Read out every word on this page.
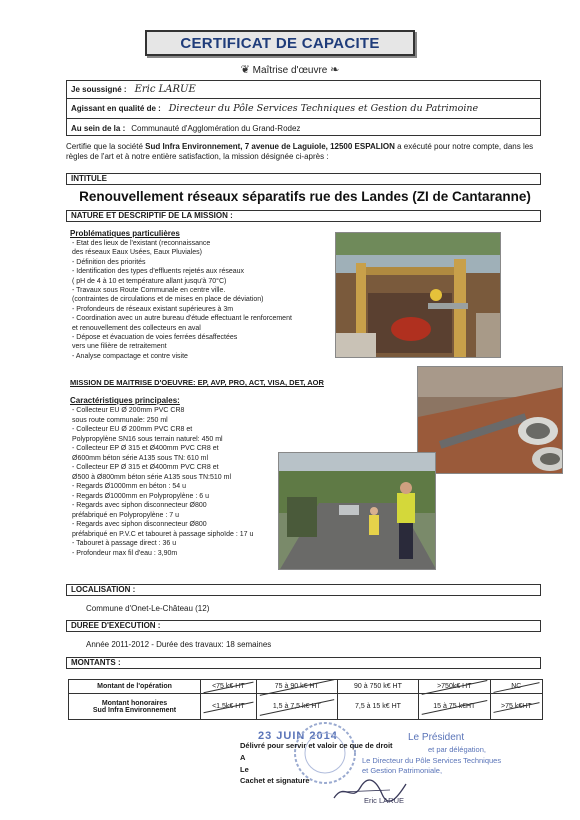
CERTIFICAT DE CAPACITE
❦ Maîtrise d'œuvre ❧
Je soussigné : Eric LARUE
Agissant en qualité de : Directeur du Pôle Services Techniques et Gestion du Patrimoine
Au sein de la : Communauté d'Agglomération du Grand-Rodez
Certifie que la société Sud Infra Environnement, 7 avenue de Laguiole, 12500 ESPALION a exécuté pour notre compte, dans les règles de l'art et à notre entière satisfaction, la mission désignée ci-après :
INTITULE
Renouvellement réseaux séparatifs rue des Landes (ZI de Cantaranne)
NATURE ET DESCRIPTIF DE LA MISSION :
Problématiques particulières
- Etat des lieux de l'existant (reconnaissance
des réseaux Eaux Usées, Eaux Pluviales)
- Définition des priorités
- Identification des types d'effluents rejetés aux réseaux
( pH de 4 à 10 et température allant jusqu'à 70°C)
- Travaux sous Route Communale en centre ville.
(contraintes de circulations et de mises en place de déviation)
- Profondeurs de réseaux existant supérieures à 3m
- Coordination avec un autre bureau d'étude effectuant le renforcement
et renouvellement des collecteurs en aval
- Dépose et évacuation de voies ferrées désaffectées
vers une filière de retraitement
- Analyse compactage et contre visite
MISSION DE MAITRISE D'OEUVRE: EP, AVP, PRO, ACT, VISA, DET, AOR
Caractéristiques principales:
- Collecteur EU Ø 200mm PVC CR8
sous route communale: 250 ml
- Collecteur EU Ø 200mm PVC CR8 et
Polypropylène SN16 sous terrain naturel: 450 ml
- Collecteur EP Ø 315 et Ø400mm PVC CR8 et
Ø600mm béton série A135 sous TN: 610 ml
- Collecteur EP Ø 315 et Ø400mm PVC CR8 et
Ø500 à Ø800mm béton série A135 sous TN:510 ml
- Regards Ø1000mm en béton : 54 u
- Regards Ø1000mm en Polypropylène : 6 u
- Regards avec siphon disconnecteur Ø800
préfabriqué en Polypropylène : 7 u
- Regards avec siphon disconnecteur Ø800
préfabriqué en P.V.C et tabouret à passage siphoïde : 17 u
- Tabouret à passage direct : 36 u
- Profondeur max fil d'eau : 3,90m
LOCALISATION :
Commune d'Onet-Le-Château (12)
DUREE D'EXECUTION :
Année 2011-2012 - Durée des travaux: 18 semaines
MONTANTS :
Montant de l'opération	<75 k€ HT	75 à 90 k€ HT	90 à 750 k€ HT	>750k€ HT	NC

Montant honoraires
Sud Infra Environnement	<1,5k€ HT	1,5 à 7,5 k€ HT	7,5 à 15 k€ HT	15 à 75 k€HT	>75 k€HT
23 JUIN 2014
Délivré pour servir et valoir ce que de droit
A
Le
Cachet et signature
Le Président
et par délégation,
Le Directeur du Pôle Services Techniques
et Gestion Patrimoniale,
Eric LARUE
